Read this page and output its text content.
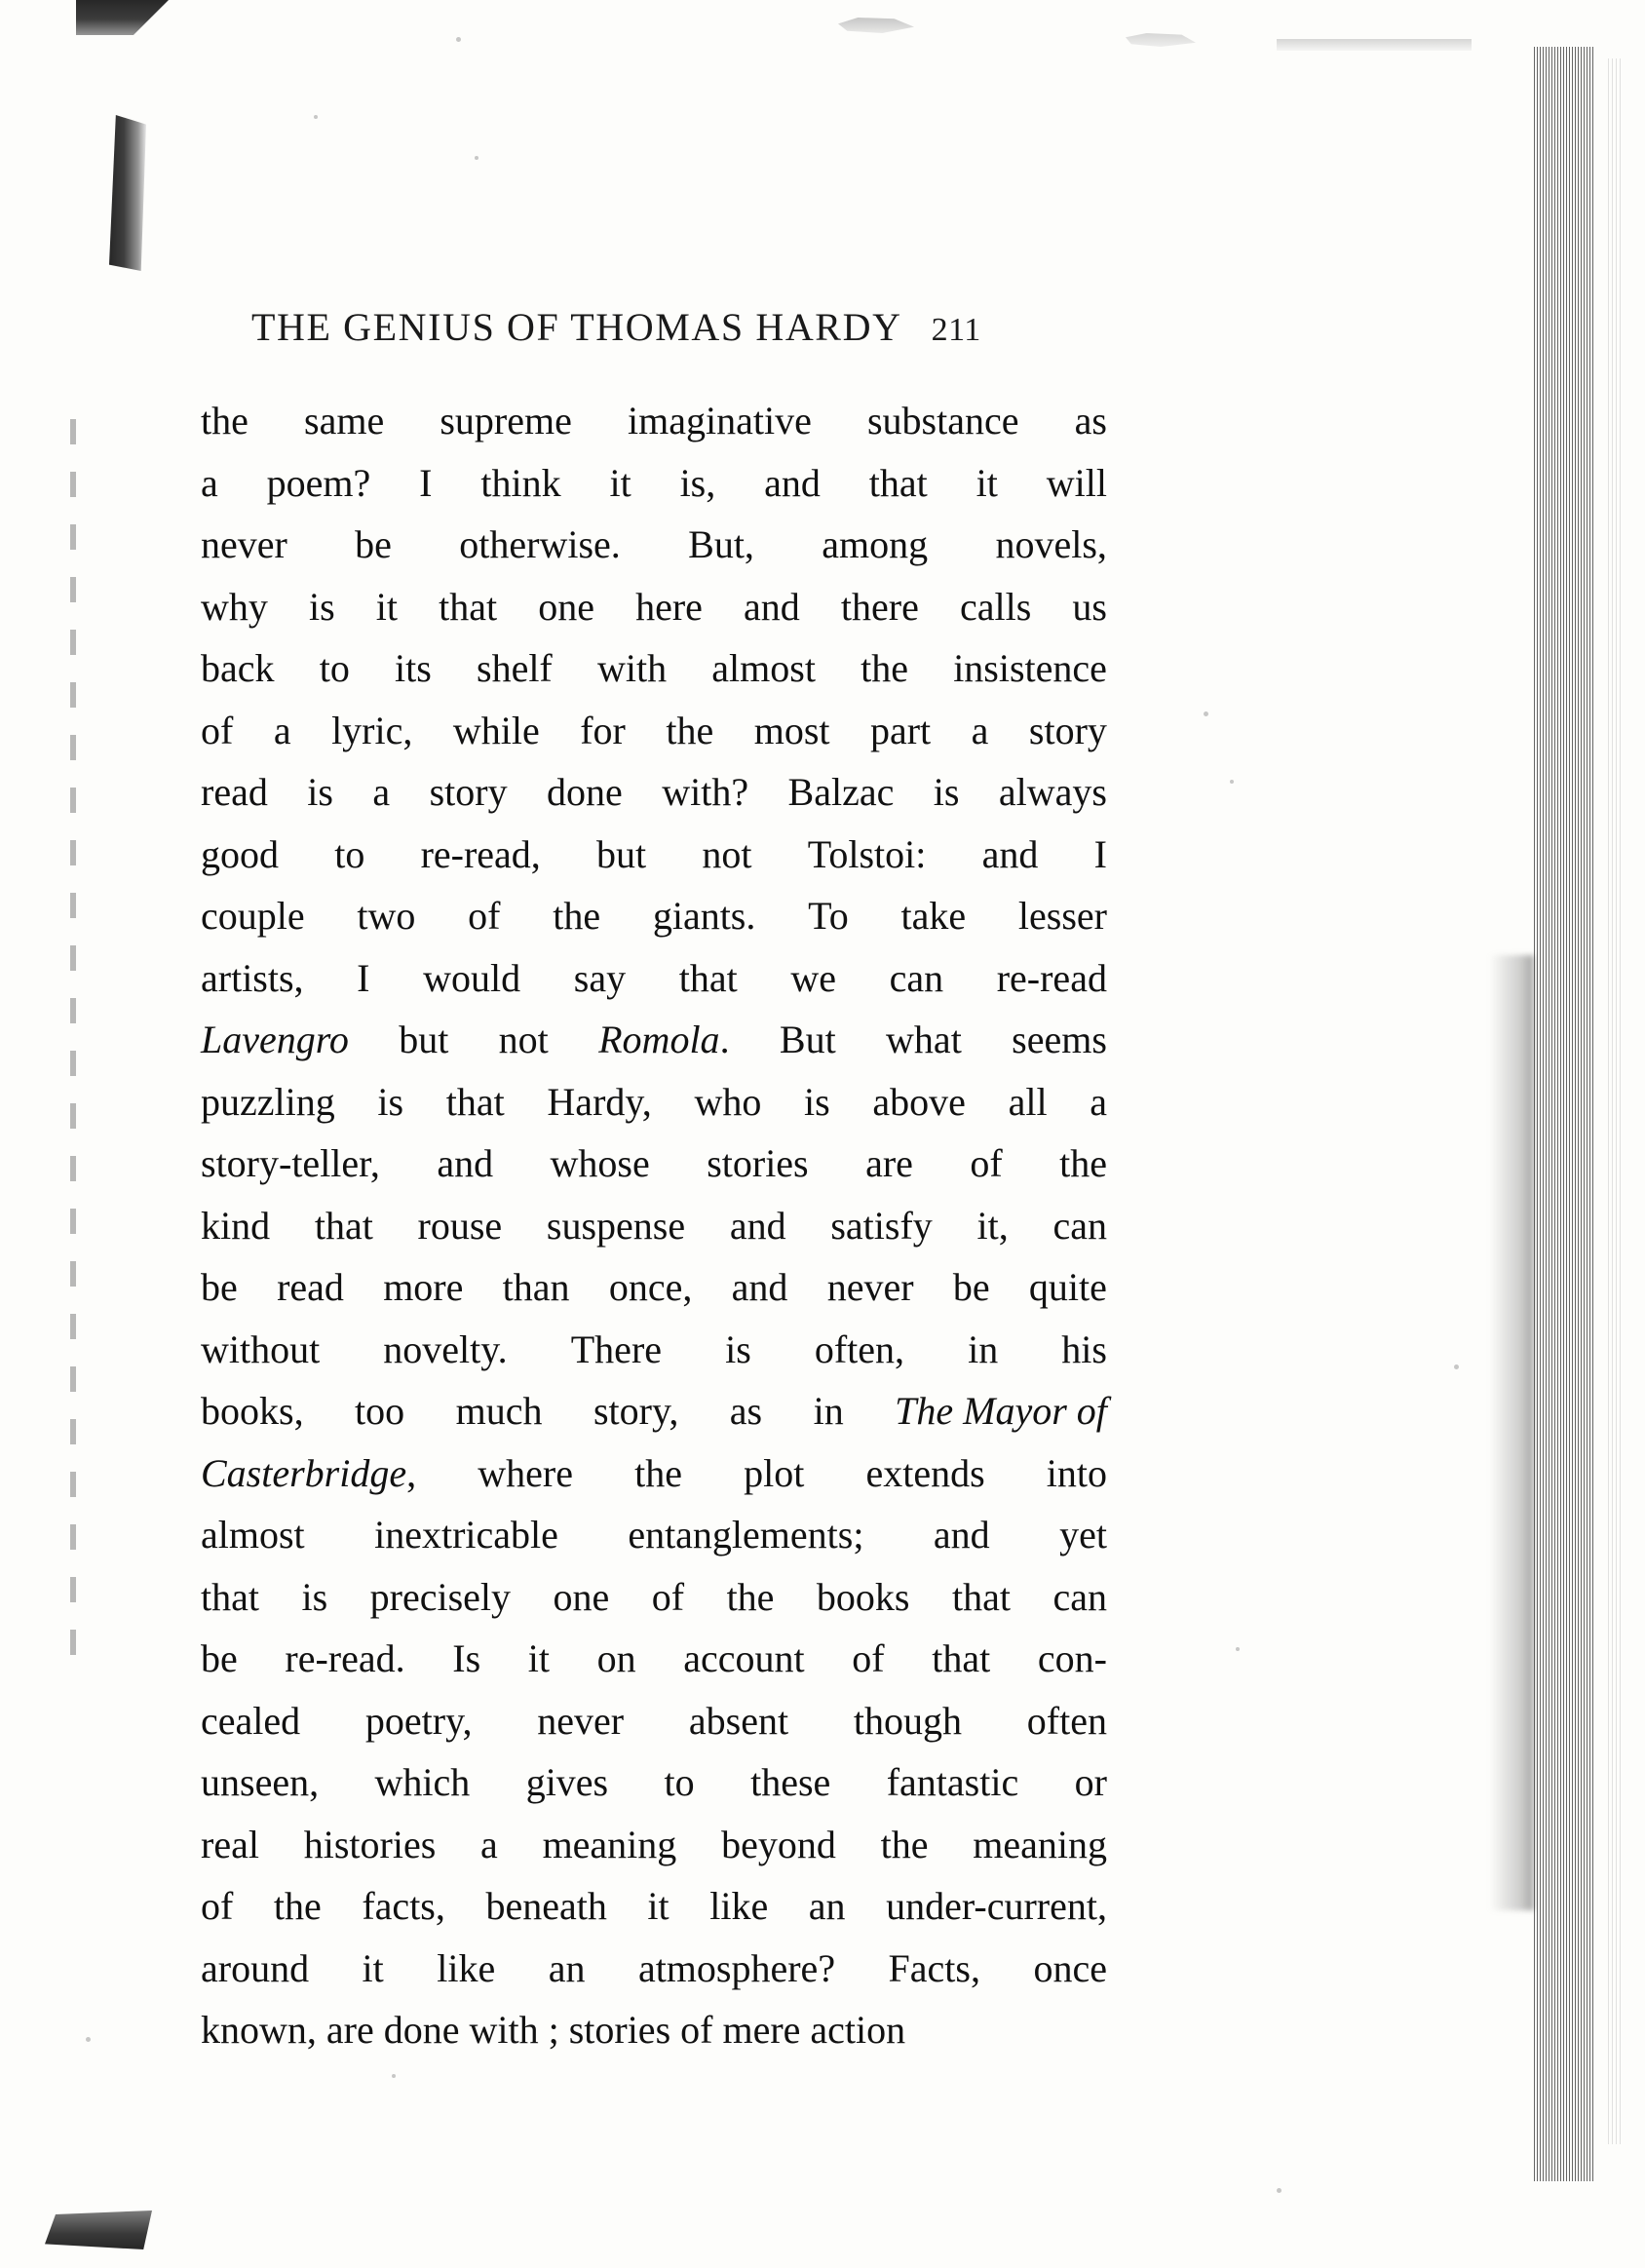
THE GENIUS OF THOMAS HARDY 211

the same supreme imaginative substance as
a poem? I think it is, and that it will
never be otherwise. But, among novels,
why is it that one here and there calls us
back to its shelf with almost the insistence
of a lyric, while for the most part a story
read is a story done with? Balzac is always
good to re-read, but not Tolstoi: and I
couple two of the giants. To take lesser
artists, I would say that we can re-read
Lavengro but not Romola. But what seems
puzzling is that Hardy, who is above all a
story-teller, and whose stories are of the
kind that rouse suspense and satisfy it, can
be read more than once, and never be quite
without novelty. There is often, in his
books, too much story, as in The Mayor of
Casterbridge, where the plot extends into
almost inextricable entanglements; and yet
that is precisely one of the books that can
be re-read. Is it on account of that con-
cealed poetry, never absent though often
unseen, which gives to these fantastic or
real histories a meaning beyond the meaning
of the facts, beneath it like an under-current,
around it like an atmosphere? Facts, once
known, are done with ; stories of mere action
